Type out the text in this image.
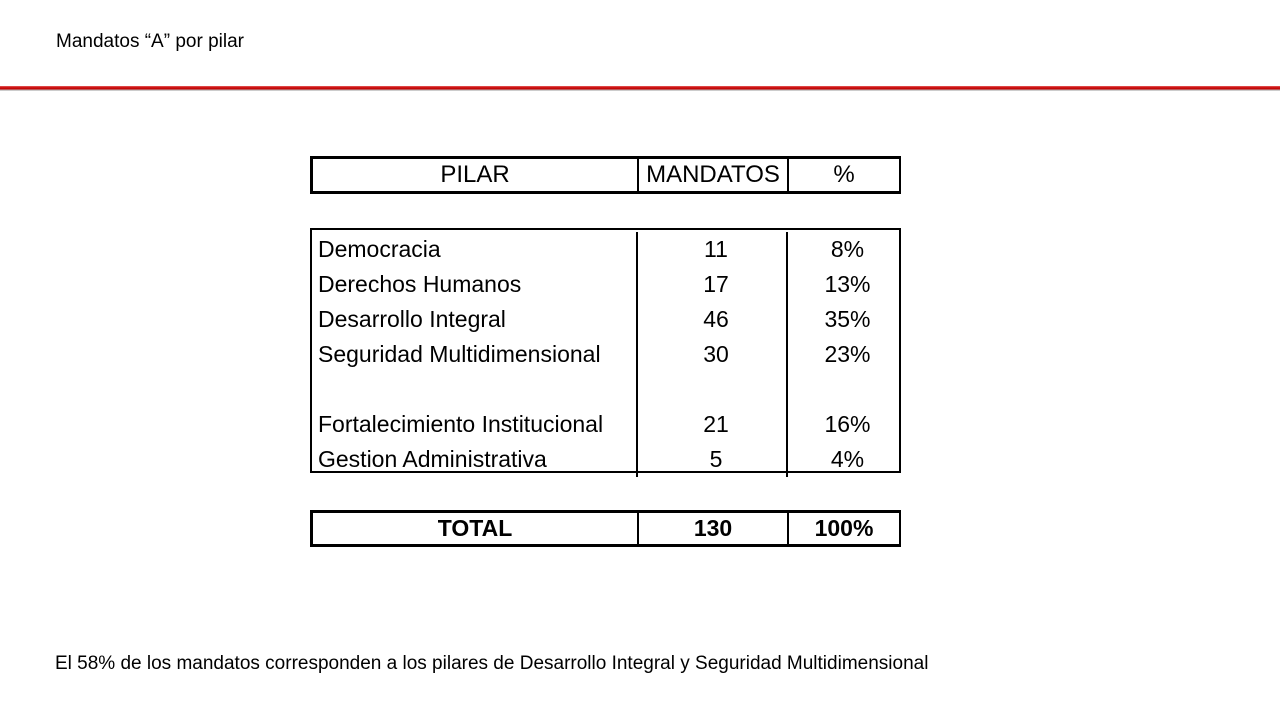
Mandatos “A” por pilar
PILAR	MANDATOS	%
Democracia	11	8%
Derechos Humanos	17	13%
Desarrollo Integral	46	35%
Seguridad Multidimensional	30	23%
Fortalecimiento Institucional	21	16%
Gestion Administrativa	5	4%
TOTAL	130	100%
El 58% de los mandatos corresponden a los pilares de Desarrollo Integral y Seguridad Multidimensional
